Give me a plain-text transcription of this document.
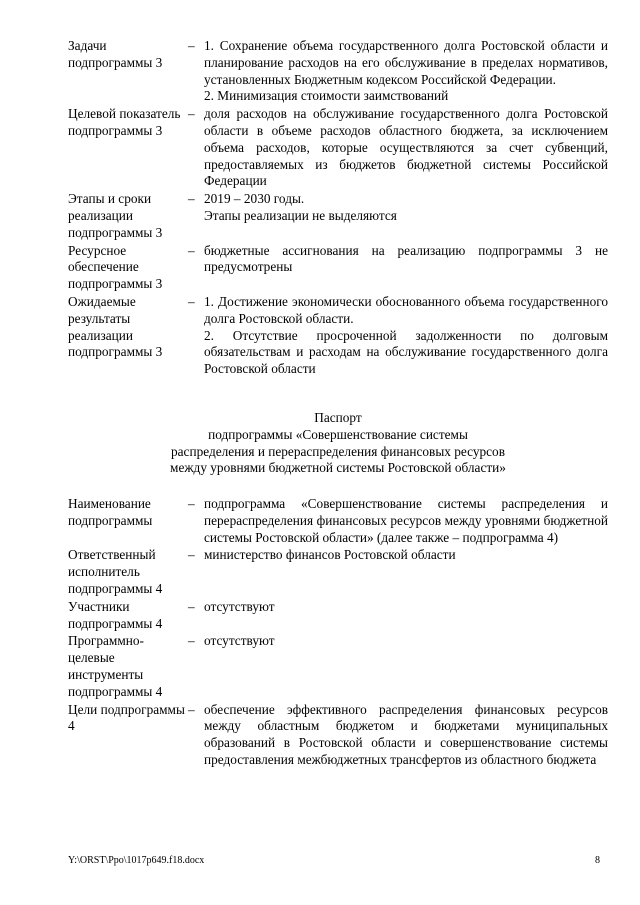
Задачи подпрограммы 3	–	1. Сохранение объема государственного долга Ростовской области и планирование расходов на его обслуживание в пределах нормативов, установленных Бюджетным кодексом Российской Федерации.

2. Минимизация стоимости заимствований

Целевой показатель подпрограммы 3	–	доля расходов на обслуживание государственного долга Ростовской области в объеме расходов областного бюджета, за исключением объема расходов, которые осуществляются за счет субвенций, предоставляемых из бюджетов бюджетной системы Российской Федерации

Этапы и сроки реализации подпрограммы 3	–	2019 – 2030 годы.

Этапы реализации не выделяются

Ресурсное обеспечение подпрограммы 3	–	бюджетные ассигнования на реализацию подпрограммы 3 не предусмотрены

Ожидаемые результаты реализации подпрограммы 3	–	1. Достижение экономически обоснованного объема государственного долга Ростовской области.

2. Отсутствие просроченной задолженности по долговым обязательствам и расходам на обслуживание государственного долга Ростовской области

Паспорт
подпрограммы «Совершенствование системы
распределения и перераспределения финансовых ресурсов
между уровнями бюджетной системы Ростовской области»
Наименование подпрограммы	–	подпрограмма «Совершенствование системы распределения и перераспределения финансовых ресурсов между уровнями бюджетной системы Ростовской области» (далее также – подпрограмма 4)

Ответственный исполнитель подпрограммы 4	–	министерство финансов Ростовской области

Участники подпрограммы 4	–	отсутствуют

Программно-целевые инструменты подпрограммы 4	–	отсутствуют

Цели подпрограммы 4	–	обеспечение эффективного распределения финансовых ресурсов между областным бюджетом и бюджетами муниципальных образований в Ростовской области и совершенствование системы предоставления межбюджетных трансфертов из областного бюджета

Y:\ORST\Ppo\1017p649.f18.docx	8
